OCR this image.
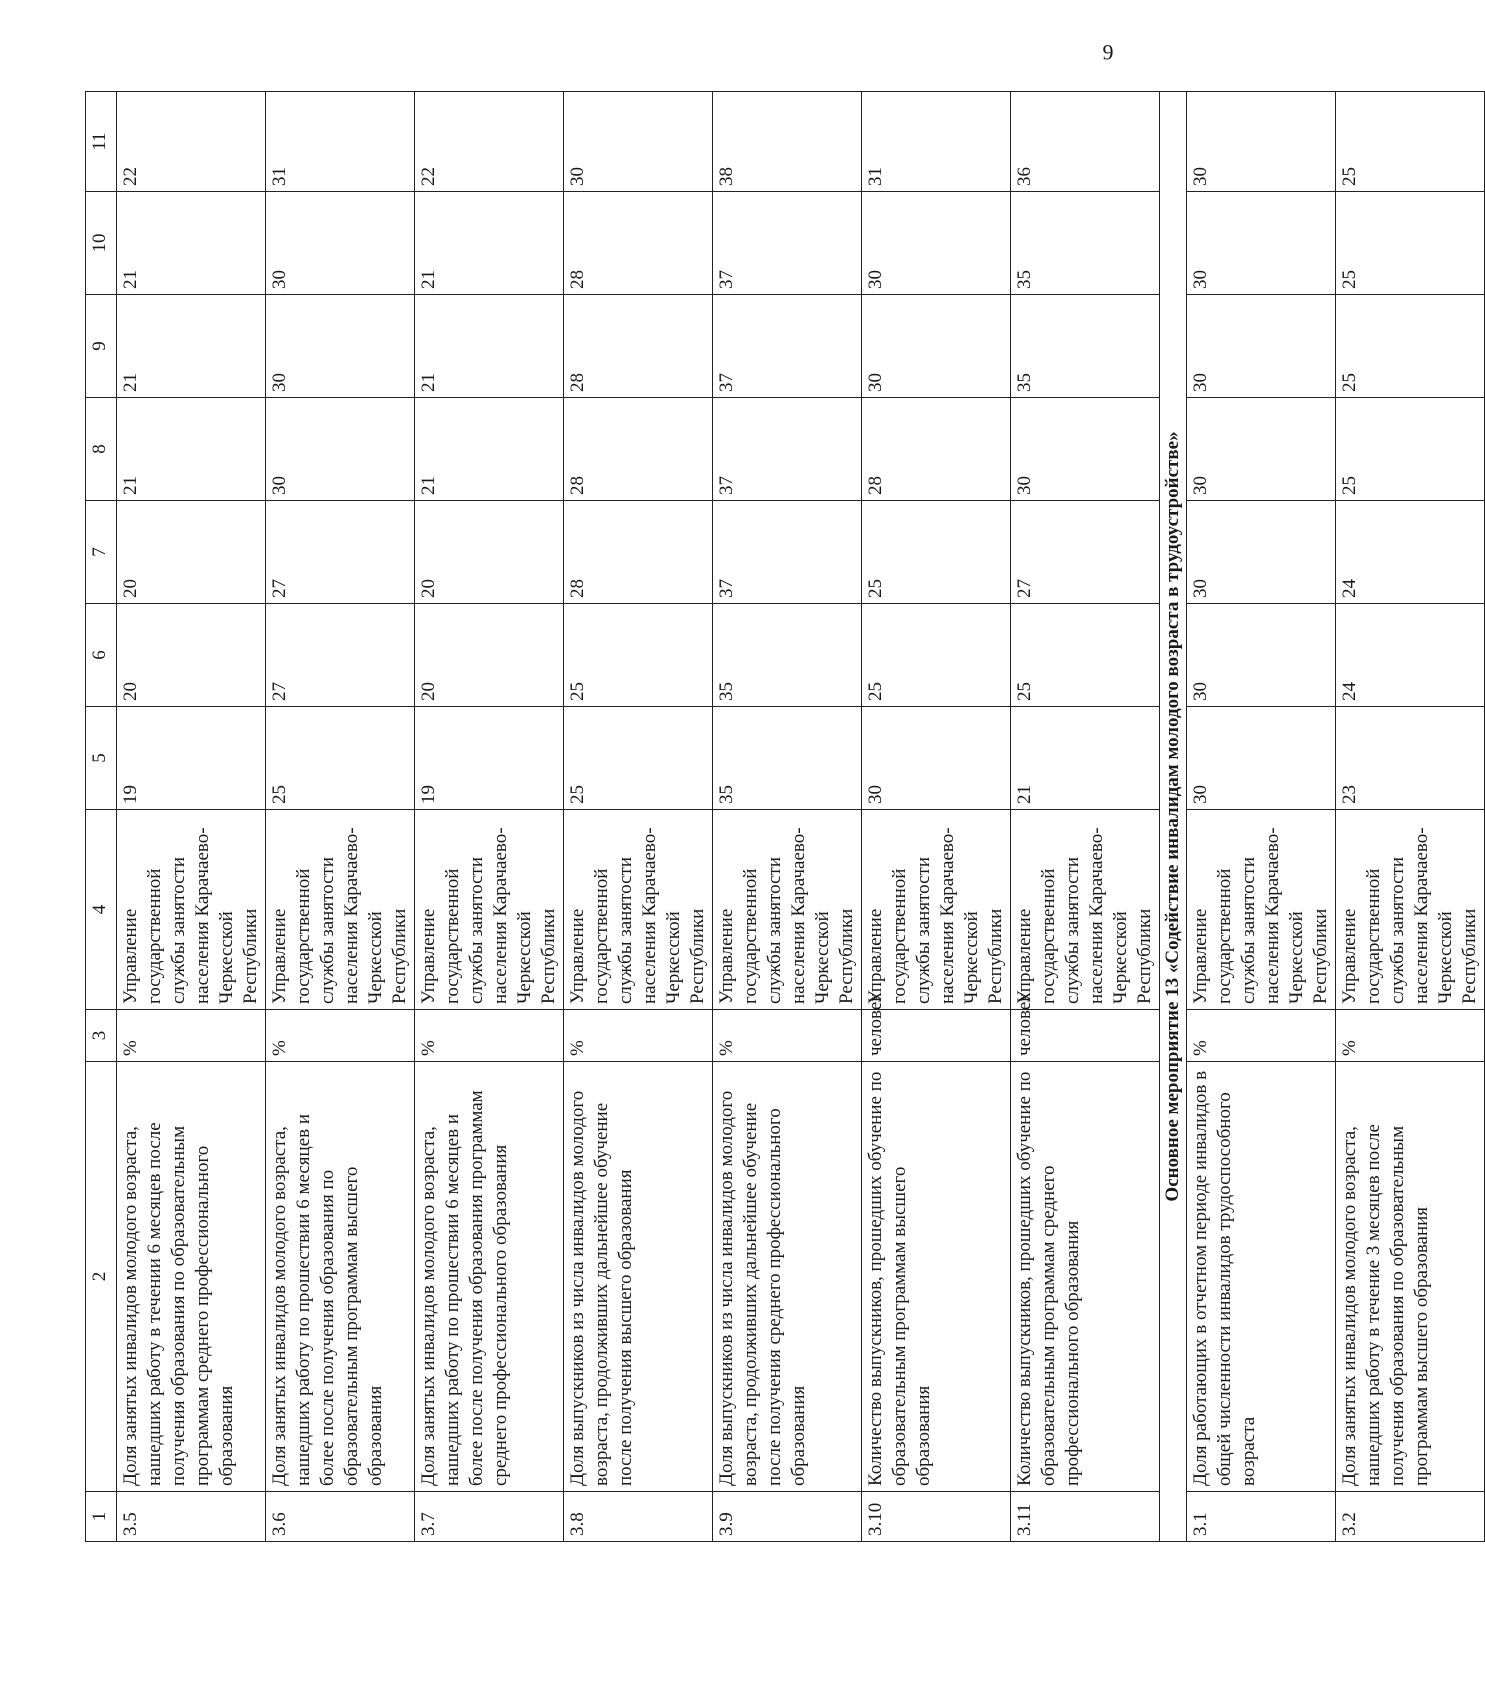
9
1	2	3	4	5	6	7	8	9	10	11
3.5	Доля занятых инвалидов молодого возраста, нашедших работу в течении 6 месяцев после получения образования по образовательным программам среднего профессионального образования	%	Управление государственной службы занятости населения Карачаево-Черкесской Республики	19	20	20	21	21	21	22
3.6	Доля занятых инвалидов молодого возраста, нашедших работу по прошествии 6 месяцев и более после получения образования по образовательным программам высшего образования	%	Управление государственной службы занятости населения Карачаево-Черкесской Республики	25	27	27	30	30	30	31
3.7	Доля занятых инвалидов молодого возраста, нашедших работу по прошествии 6 месяцев и более после получения образования программам среднего профессионального образования	%	Управление государственной службы занятости населения Карачаево-Черкесской Республики	19	20	20	21	21	21	22
3.8	Доля выпускников из числа инвалидов молодого возраста, продолживших дальнейшее обучение после получения высшего образования	%	Управление государственной службы занятости населения Карачаево-Черкесской Республики	25	25	28	28	28	28	30
3.9	Доля выпускников из числа инвалидов молодого возраста, продолживших дальнейшее обучение после получения среднего профессионального образования	%	Управление государственной службы занятости населения Карачаево-Черкесской Республики	35	35	37	37	37	37	38
3.10	Количество выпускников, прошедших обучение по образовательным программам высшего образования	человек	Управление государственной службы занятости населения Карачаево-Черкесской Республики	30	25	25	28	30	30	31
3.11	Количество выпускников, прошедших обучение по образовательным программам среднего профессионального образования	человек	Управление государственной службы занятости населения Карачаево-Черкесской Республики	21	25	27	30	35	35	36
Основное мероприятие 13 «Содействие инвалидам молодого возраста в трудоустройстве»										
3.1	Доля работающих в отчетном периоде инвалидов в общей численности инвалидов трудоспособного возраста	%	Управление государственной службы занятости населения Карачаево-Черкесской Республики	30	30	30	30	30	30	30
3.2	Доля занятых инвалидов молодого возраста, нашедших работу в течение 3 месяцев после получения образования по образовательным программам высшего образования	%	Управление государственной службы занятости населения Карачаево-Черкесской Республики	23	24	24	25	25	25	25
